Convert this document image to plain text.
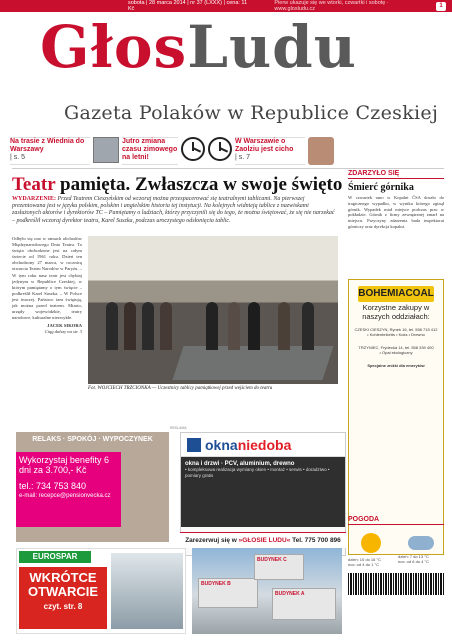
sobota | 28 marca 2014 | nr 37 (LXXX) | cena: 11 Kč
Pierw ukazuje się we wtorki, czwartki i sobotę · www.glosludu.cz
1
GłosLudu
Gazeta Polaków w Republice Czeskiej
Na trasie z Wiednia do Warszawy
| s. 5
Jutro zmiana czasu zimowego na letni!
W Warszawie o Zaolziu jest cicho
| s. 7
Teatr pamięta. Zwłaszcza w swoje święto
WYDARZENIE: Przed Teatrem Cieszyńskim od wczoraj można przespacerować się teatralnymi tablicami. Na pierwszej prezentowana jest w języku polskim, polskim i angielskim historia tej instytucji. Na kolejnych widnieją tablice z nazwiskami zasłużonych aktorów i dyrektorów TC – Pamiętamy o ludziach, którzy przyczynili się do tego, że można świętować, że się nie narzekać – podkreślił wczoraj dyrektor teatru, Karel Suszka, podczas uroczystego odsłonięcia tablic.
Odbyło się ono w ramach obchodów Międzynarodowego Dnia Teatru. To święto obchodzone jest na całym świecie od 1961 roku. Dzień ten obchodzony 27 marca, w rocznicę otwarcia Teatru Narodów w Paryżu. – W tym roku nasz teatr jest chybiaj jedynym w Republice Czeskiej, w którym pamiętamy o tym święcie – podkreślił Karel Suszka. – W Polsce jest inaczej. Państwo tam świętują, jak można przed teatrem. Miasto, urzędy wojewódzkie, teatry narodowe, kulturalne niezwykłe.
JACEK SIKORA
Ciąg dalszy na str. 3
Fot. WOJCIECH TRZCIONKA — Uczestnicy tablicy pamiątkowej przed wejściem do teatru
ZDARZYŁO SIĘ
Śmierć górnika
W czwartek rano w Kopalni ČSA doszło do tragicznego wypadku, w wyniku którego zginął górnik. Wypadek miał miejsce podczas prac w pokładzie. Górnik z firmy zewnętrznej zmarł na miejscu. Przyczyny zdarzenia bada inspektorat górniczy oraz dyrekcja kopalni.
BOHEMIACOAL
Korzystne zakupy w naszych oddziałach:
CZESKI CIESZYN, Rynek 16, tel. 558 715 412
• Kohlenbriketts • Koks • Drewno
TRZYNIEC, Frýdecká 14, tel. 558 339 400
• Opał ekologiczny
Specjalne zniżki dla emerytów
REKLAMA
RELAKS · SPOKÓJ · WYPOCZYNEK
Wykorzystaj benefity 6 dni za 3.700,- Kč
tel.: 734 753 840
e-mail: recepce@pensionvecka.cz
oknaniedoba
okna i drzwi · PCV, aluminium, drewno
• kompleksowa realizacja wymiany okien • montaż • serwis • doradztwo • pomiary gratis
Zarezerwuj się w »GŁOSIE LUDU« Tel. 775 700 896
EUROSPAR
WKRÓTCE OTWARCIE
czyt. str. 8
BUDYNEK B
BUDYNEK C
BUDYNEK A
POGODA
dzień: 10 do 16 °C
noc: od 4 do 1 °C
dzień: 7 do 13 °C
noc: od 6 do 4 °C
